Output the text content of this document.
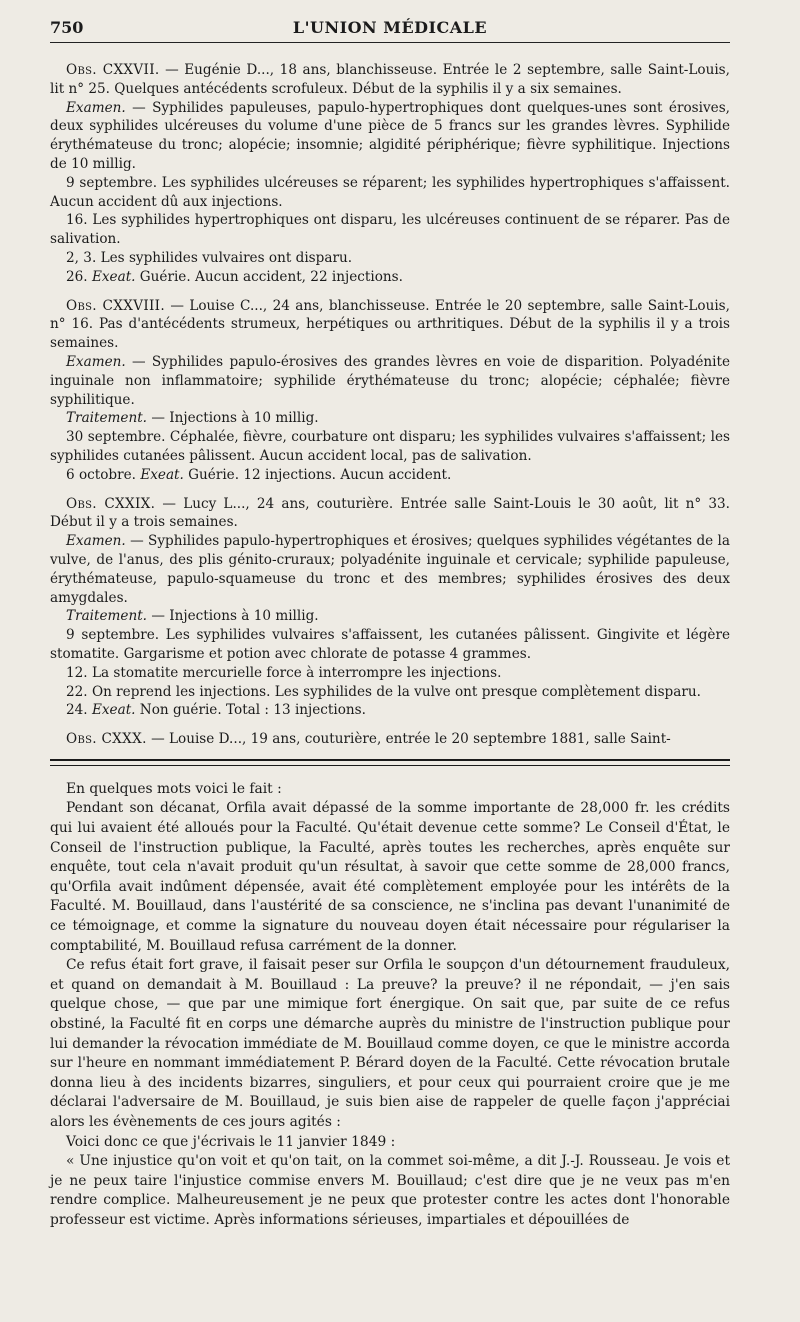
750	L'UNION MÉDICALE

Obs. CXXVII. — Eugénie D..., 18 ans, blanchisseuse. Entrée le 2 septembre, salle Saint-Louis, lit n° 25. Quelques antécédents scrofuleux. Début de la syphilis il y a six semaines.

Examen. — Syphilides papuleuses, papulo-hypertrophiques dont quelques-unes sont érosives, deux syphilides ulcéreuses du volume d'une pièce de 5 francs sur les grandes lèvres. Syphilide érythémateuse du tronc; alopécie; insomnie; algidité périphérique; fièvre syphilitique. Injections de 10 millig.

9 septembre. Les syphilides ulcéreuses se réparent; les syphilides hypertrophiques s'affaissent. Aucun accident dû aux injections.

16. Les syphilides hypertrophiques ont disparu, les ulcéreuses continuent de se réparer. Pas de salivation.

2, 3. Les syphilides vulvaires ont disparu.

26. Exeat. Guérie. Aucun accident, 22 injections.

Obs. CXXVIII. — Louise C..., 24 ans, blanchisseuse. Entrée le 20 septembre, salle Saint-Louis, n° 16. Pas d'antécédents strumeux, herpétiques ou arthritiques. Début de la syphilis il y a trois semaines.

Examen. — Syphilides papulo-érosives des grandes lèvres en voie de disparition. Polyadénite inguinale non inflammatoire; syphilide érythémateuse du tronc; alopécie; céphalée; fièvre syphilitique.

Traitement. — Injections à 10 millig.

30 septembre. Céphalée, fièvre, courbature ont disparu; les syphilides vulvaires s'affaissent; les syphilides cutanées pâlissent. Aucun accident local, pas de salivation.

6 octobre. Exeat. Guérie. 12 injections. Aucun accident.

Obs. CXXIX. — Lucy L..., 24 ans, couturière. Entrée salle Saint-Louis le 30 août, lit n° 33. Début il y a trois semaines.

Examen. — Syphilides papulo-hypertrophiques et érosives; quelques syphilides végétantes de la vulve, de l'anus, des plis génito-cruraux; polyadénite inguinale et cervicale; syphilide papuleuse, érythémateuse, papulo-squameuse du tronc et des membres; syphilides érosives des deux amygdales.

Traitement. — Injections à 10 millig.

9 septembre. Les syphilides vulvaires s'affaissent, les cutanées pâlissent. Gingivite et légère stomatite. Gargarisme et potion avec chlorate de potasse 4 grammes.

12. La stomatite mercurielle force à interrompre les injections.

22. On reprend les injections. Les syphilides de la vulve ont presque complètement disparu.

24. Exeat. Non guérie. Total : 13 injections.

Obs. CXXX. — Louise D..., 19 ans, couturière, entrée le 20 septembre 1881, salle Saint-

En quelques mots voici le fait :

Pendant son décanat, Orfila avait dépassé de la somme importante de 28,000 fr. les crédits qui lui avaient été alloués pour la Faculté. Qu'était devenue cette somme? Le Conseil d'État, le Conseil de l'instruction publique, la Faculté, après toutes les recherches, après enquête sur enquête, tout cela n'avait produit qu'un résultat, à savoir que cette somme de 28,000 francs, qu'Orfila avait indûment dépensée, avait été complètement employée pour les intérêts de la Faculté. M. Bouillaud, dans l'austérité de sa conscience, ne s'inclina pas devant l'unanimité de ce témoignage, et comme la signature du nouveau doyen était nécessaire pour régulariser la comptabilité, M. Bouillaud refusa carrément de la donner.

Ce refus était fort grave, il faisait peser sur Orfila le soupçon d'un détournement frauduleux, et quand on demandait à M. Bouillaud : La preuve? la preuve? il ne répondait, — j'en sais quelque chose, — que par une mimique fort énergique. On sait que, par suite de ce refus obstiné, la Faculté fit en corps une démarche auprès du ministre de l'instruction publique pour lui demander la révocation immédiate de M. Bouillaud comme doyen, ce que le ministre accorda sur l'heure en nommant immédiatement P. Bérard doyen de la Faculté. Cette révocation brutale donna lieu à des incidents bizarres, singuliers, et pour ceux qui pourraient croire que je me déclarai l'adversaire de M. Bouillaud, je suis bien aise de rappeler de quelle façon j'appréciai alors les évènements de ces jours agités :

Voici donc ce que j'écrivais le 11 janvier 1849 :

« Une injustice qu'on voit et qu'on tait, on la commet soi-même, a dit J.-J. Rousseau. Je vois et je ne peux taire l'injustice commise envers M. Bouillaud; c'est dire que je ne veux pas m'en rendre complice. Malheureusement je ne peux que protester contre les actes dont l'honorable professeur est victime. Après informations sérieuses, impartiales et dépouillées de
